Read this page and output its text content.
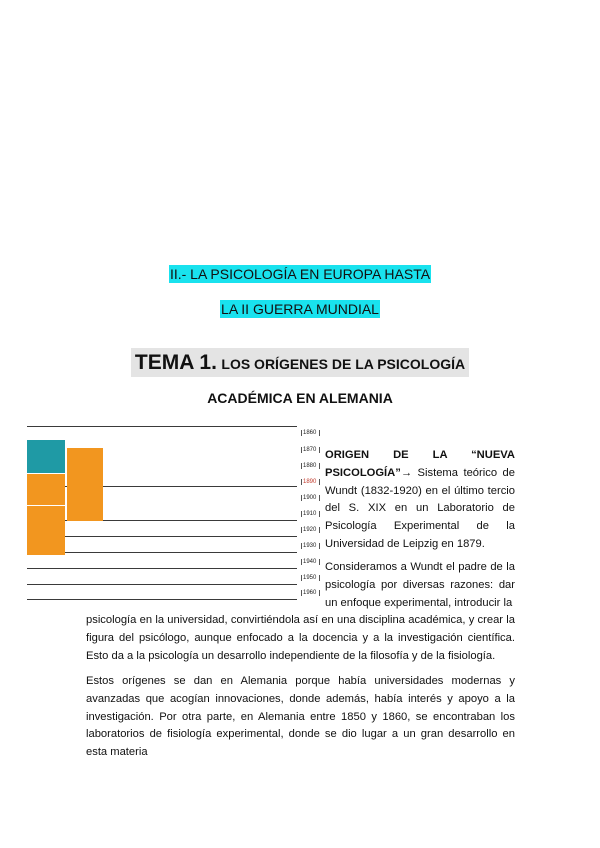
II.- LA PSICOLOGÍA EN EUROPA HASTA
LA II GUERRA MUNDIAL
TEMA 1. LOS ORÍGENES DE LA PSICOLOGÍA
ACADÉMICA EN ALEMANIA
1860
1870
1880
1890
1900
1910
1920
1930
1940
1950
1960
ORIGEN DE LA “NUEVA PSICOLOGÍA”→ Sistema teórico de Wundt (1832-1920) en el último tercio del S. XIX en un Laboratorio de Psicología Experimental de la Universidad de Leipzig en 1879.
Consideramos a Wundt el padre de la psicología por diversas razones: dar un enfoque experimental, introducir la
psicología en la universidad, convirtiéndola así en una disciplina académica, y crear la figura del psicólogo, aunque enfocado a la docencia y a la investigación científica. Esto da a la psicología un desarrollo independiente de la filosofía y de la fisiología.
Estos orígenes se dan en Alemania porque había universidades modernas y avanzadas que acogían innovaciones, donde además, había interés y apoyo a la investigación. Por otra parte, en Alemania entre 1850 y 1860, se encontraban los laboratorios de fisiología experimental, donde se dio lugar a un gran desarrollo en esta materia
